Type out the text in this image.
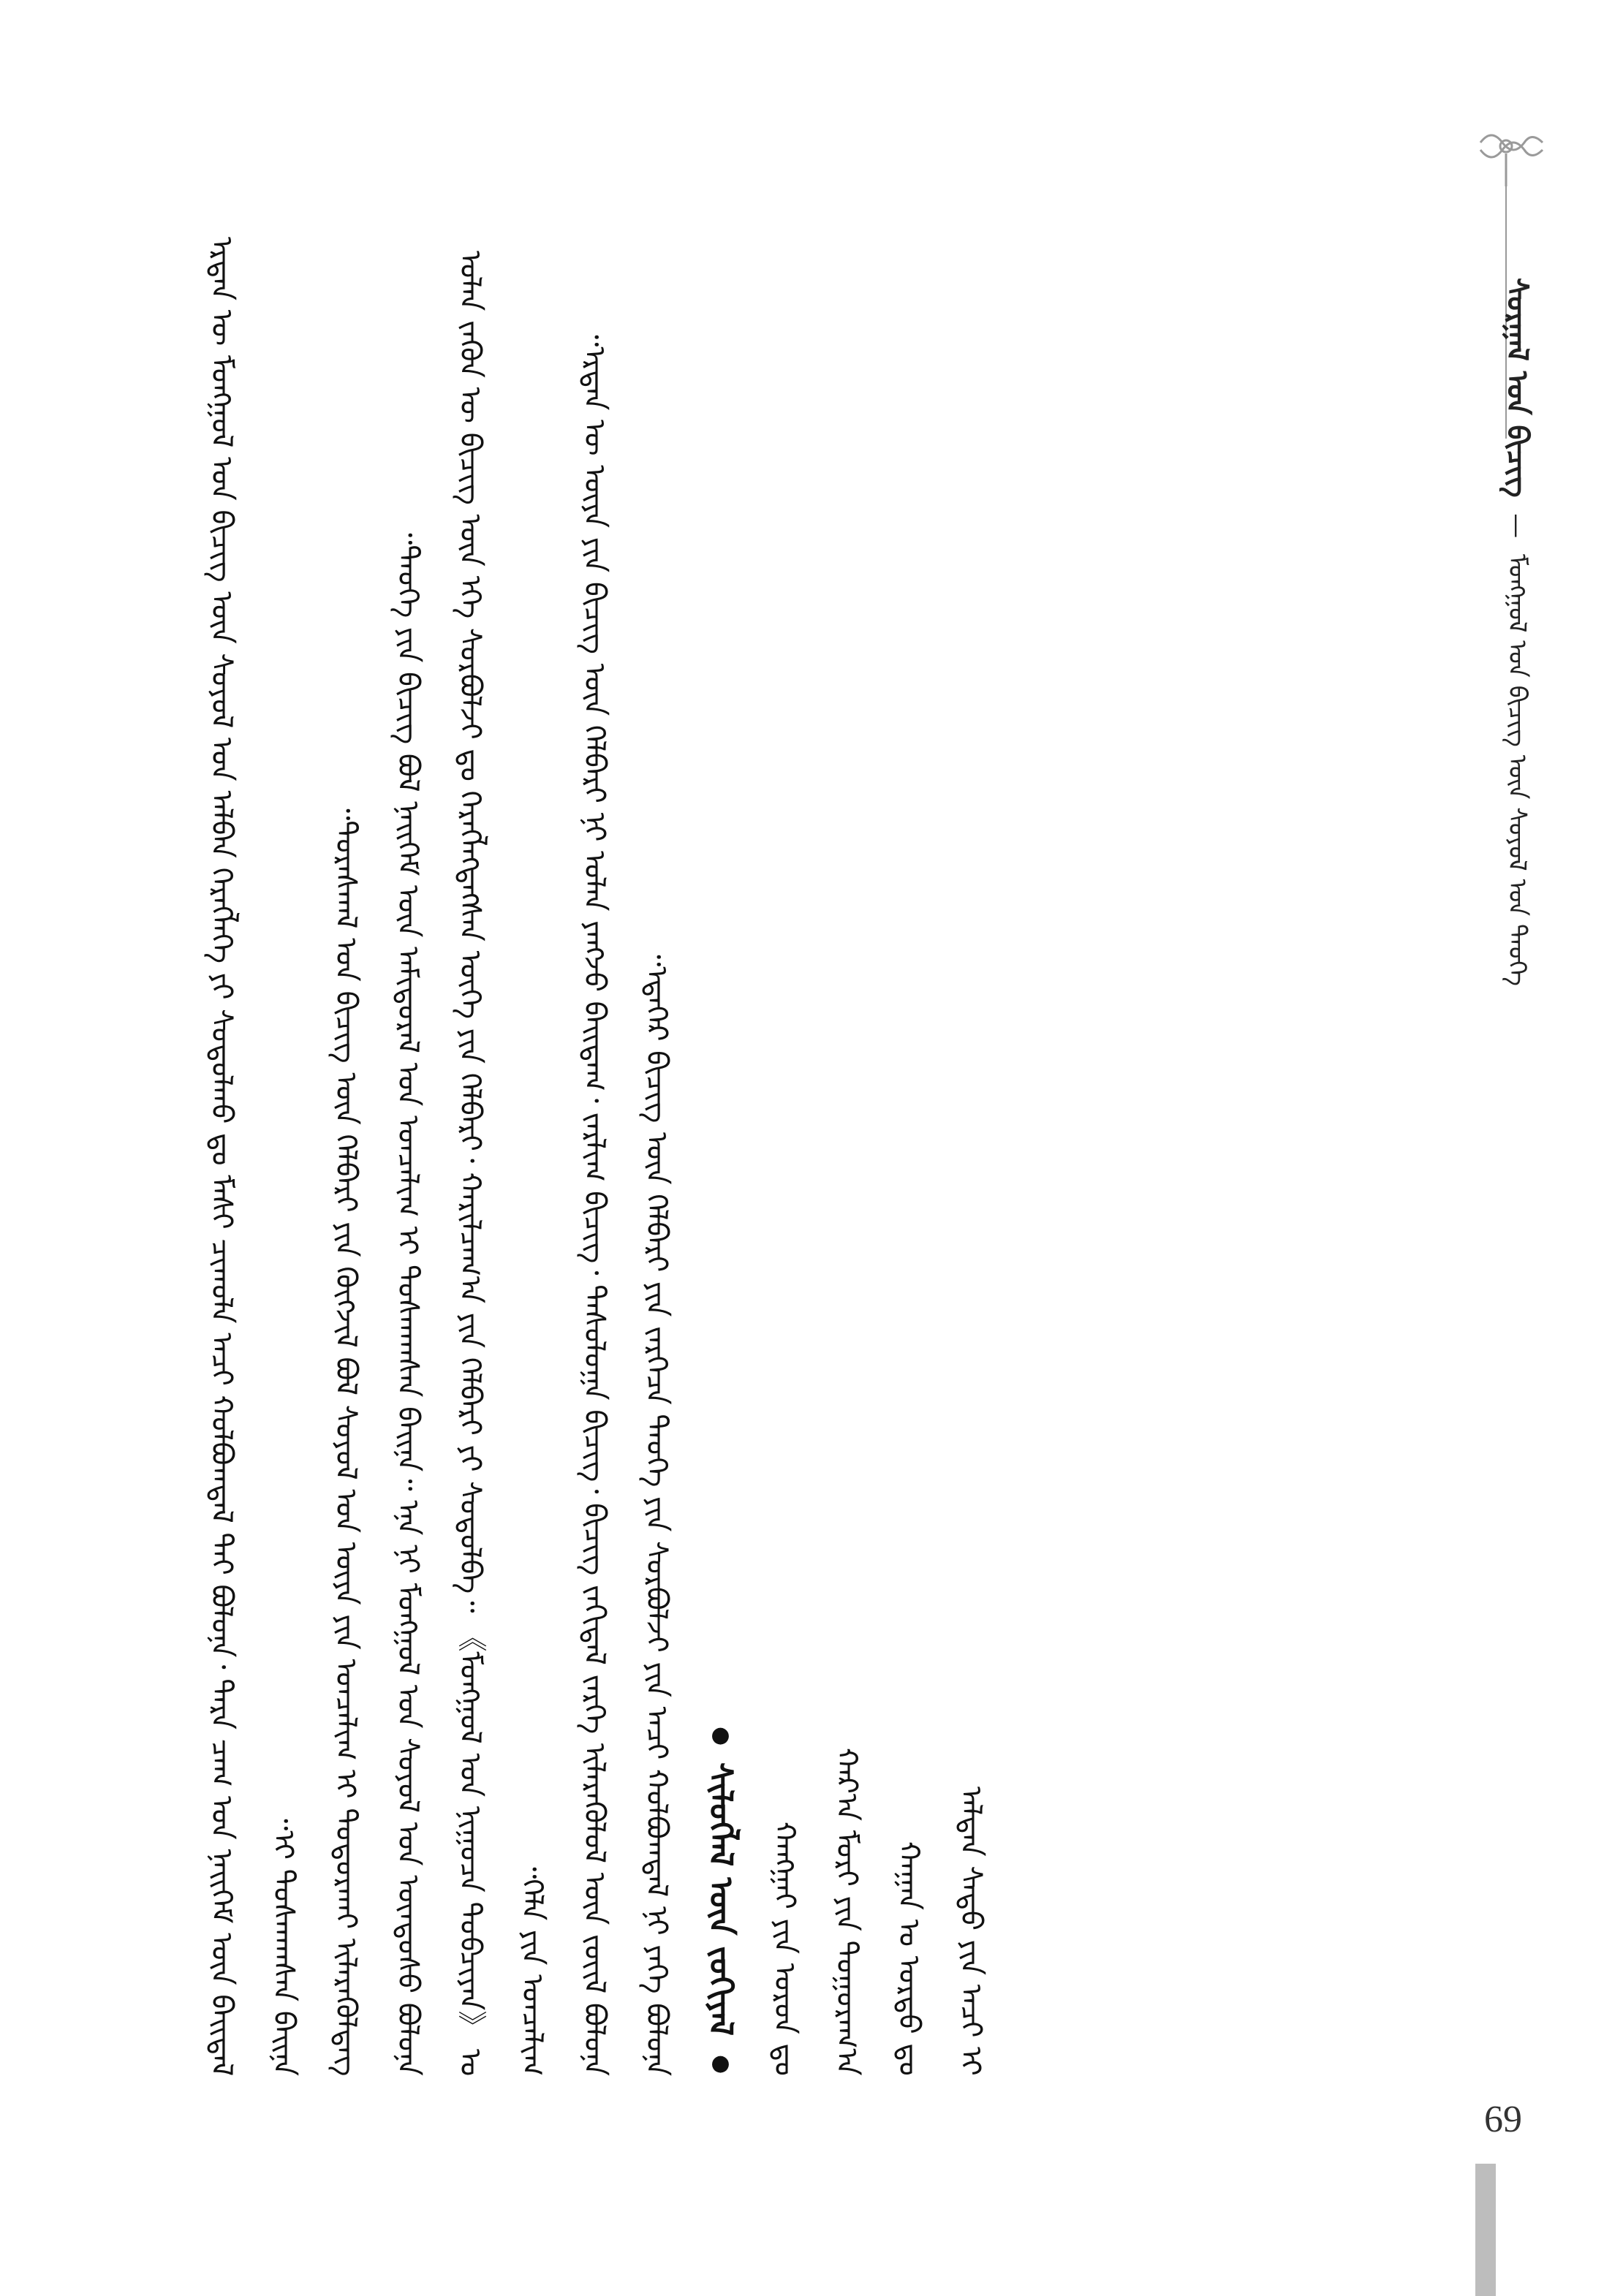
ᠰᠤᠷᠭᠠᠯ ᠤᠨ ᠪᠢᠴᠢᠭ  —  ᠮᠣᠩᠭᠣᠯ ᠤᠨ ᠪᠢᠴᠢᠭ ᠦᠨ ᠰᠣᠶᠣᠯ ᠤᠨ ᠲᠡᠦᠬᠡ

ᠡᠷᠲᠡᠨ ᠦ ᠮᠣᠩᠭᠣᠯ ᠤᠨ ᠪᠢᠴᠢᠭ ᠦᠨ ᠰᠣᠶᠣᠯ ᠤᠨ ᠠᠯᠪᠠᠨ ᠬᠡᠷᠡᠭᠯᠡᠭᠡ ᠶᠢ ᠰᠤᠳᠤᠯᠬᠤ ᠳᠤ ᠮᠠᠰᠢ ᠴᠢᠬᠤᠯᠠ ᠠᠴᠢ ᠬᠣᠯᠪᠣᠭᠳᠠᠯ ᠲᠠᠢ ᠪᠣᠯᠤᠨᠠ᠂ ᠲᠡᠷᠡ ᠴᠠᠭ ᠤᠨ ᠨᠡᠢᠭᠡᠮ ᠦᠨ ᠪᠠᠢᠳᠠᠯ ᠢ ᠲᠤᠰᠬᠠᠭᠰᠠᠨ ᠪᠠᠢᠨᠠ᠃

ᠳᠤᠷᠠᠰᠬᠠᠯ ᠤᠨ ᠪᠢᠴᠢᠭ ᠦᠨ ᠬᠡᠯᠪᠡᠷᠢ ᠶᠢᠨ ᠬᠥᠭᠵᠢᠯ ᠪᠣᠯ ᠰᠣᠶᠣᠯ ᠤᠨ ᠦᠶᠡ ᠶᠢᠨ ᠣᠨᠴᠠᠯᠢᠭ ᠢ ᠲᠣᠳᠣᠷᠬᠠᠶ ᠢᠯᠡᠷᠡᠭᠦᠯᠳᠡᠭ᠃

ᠲᠡᠦᠬᠡ ᠶᠢᠨ ᠪᠢᠴᠢᠭ ᠪᠣᠯ ᠨᠡᠢᠭᠡᠮ ᠦᠨ ᠠᠮᠢᠳᠤᠷᠠᠯ ᠤᠨ ᠣᠨᠴᠠᠯᠢᠭ ᠢ ᠲᠤᠰᠬᠠᠭᠰᠠᠨ ᠪᠠᠢᠨᠠ᠃ ᠡᠨᠡ ᠨᠢ ᠮᠣᠩᠭᠣᠯ ᠤᠨ ᠰᠣᠶᠣᠯ ᠤᠨ ᠦᠨᠳᠦᠰᠦ ᠪᠣᠯᠤᠨᠠ᠃ ᠣᠯᠠᠨ ᠵᠡᠭᠦᠨ ᠦ ᠪᠢᠴᠢᠭ ᠦᠨ ᠡᠬᠡ ᠰᠤᠷᠪᠤᠯᠵᠢ ᠳᠤ ᠬᠡᠷᠡᠭᠯᠡᠭᠳᠡᠭᠰᠡᠨ ᠦᠭᠡ ᠶᠢᠨ ᠬᠡᠯᠪᠡᠷᠢ᠂ ᠬᠠᠷᠢᠯᠴᠠᠭ᠎ᠠ ᠶᠢᠨ ᠬᠡᠯᠪᠡᠷᠢ ᠶᠢ ᠰᠤᠳᠤᠯᠪᠠ᠃ 《ᠮᠣᠩᠭᠣᠯ ᠤᠨ ᠨᠢᠭᠤᠴᠠ ᠲᠣᠪᠴᠢᠶᠠᠨ》 ᠤ ᠬᠡᠯᠡ ᠶᠢᠨ ᠣᠨᠴᠠᠯᠢᠭ᠃

ᠡᠷᠲᠡᠨ ᠦ ᠦᠶᠡ ᠶᠢᠨ ᠪᠢᠴᠢᠭ ᠦᠨ ᠬᠡᠯᠪᠡᠷᠢ ᠨᠢ ᠣᠯᠠᠨ ᠶᠠᠩᠵᠤ ᠪᠠᠢᠳᠠᠭ᠂ ᠵᠠᠷᠯᠢᠭ ᠪᠢᠴᠢᠭ᠂ ᠲᠠᠰᠤᠯᠤᠭᠠ ᠪᠢᠴᠢᠭ᠂ ᠪᠢᠴᠢᠭ ᠵᠠᠬᠢᠳᠠᠯ ᠵᠡᠷᠭᠡ ᠢᠯᠡᠷᠡᠭᠦᠯᠦᠯ ᠦᠨ ᠵᠦᠢᠯ ᠪᠣᠯᠤᠨᠠ᠃ ᠡᠳᠡᠭᠡᠷ ᠪᠢᠴᠢᠭ ᠦᠨ ᠬᠡᠯᠪᠡᠷᠢ ᠶᠢᠨ ᠵᠡᠷᠭᠡᠴᠡ ᠲᠡᠦᠬᠡ ᠶᠢᠨ ᠰᠤᠷᠪᠤᠯᠵᠢ ᠶᠢᠨ ᠠᠴᠢ ᠬᠣᠯᠪᠣᠭᠳᠠᠯ ᠨᠢ ᠶᠡᠬᠡ ᠪᠣᠯᠤᠨᠠ᠃	●
ᠰᠢᠯᠦᠭᠯᠡᠯ ᠦᠨ ᠵᠣᠬᠢᠶᠠᠯ
●

ᠬᠠᠩᠭᠠᠢ ᠶᠢᠨ ᠣᠷᠣᠨ ᠳᠤ ᠬᠠᠷ᠎ᠠ ᠮᠣᠷᠢ ᠶᠢᠨ ᠲᠤᠭᠤᠷᠠᠭ᠎ᠠ ᠬᠠᠭᠠᠨ ᠤ ᠣᠷᠳᠣ ᠳᠤ ᠠᠯᠲᠠᠨ ᠰᠠᠳᠤ ᠶᠢᠨ ᠠᠴᠢ ᠢ

69
